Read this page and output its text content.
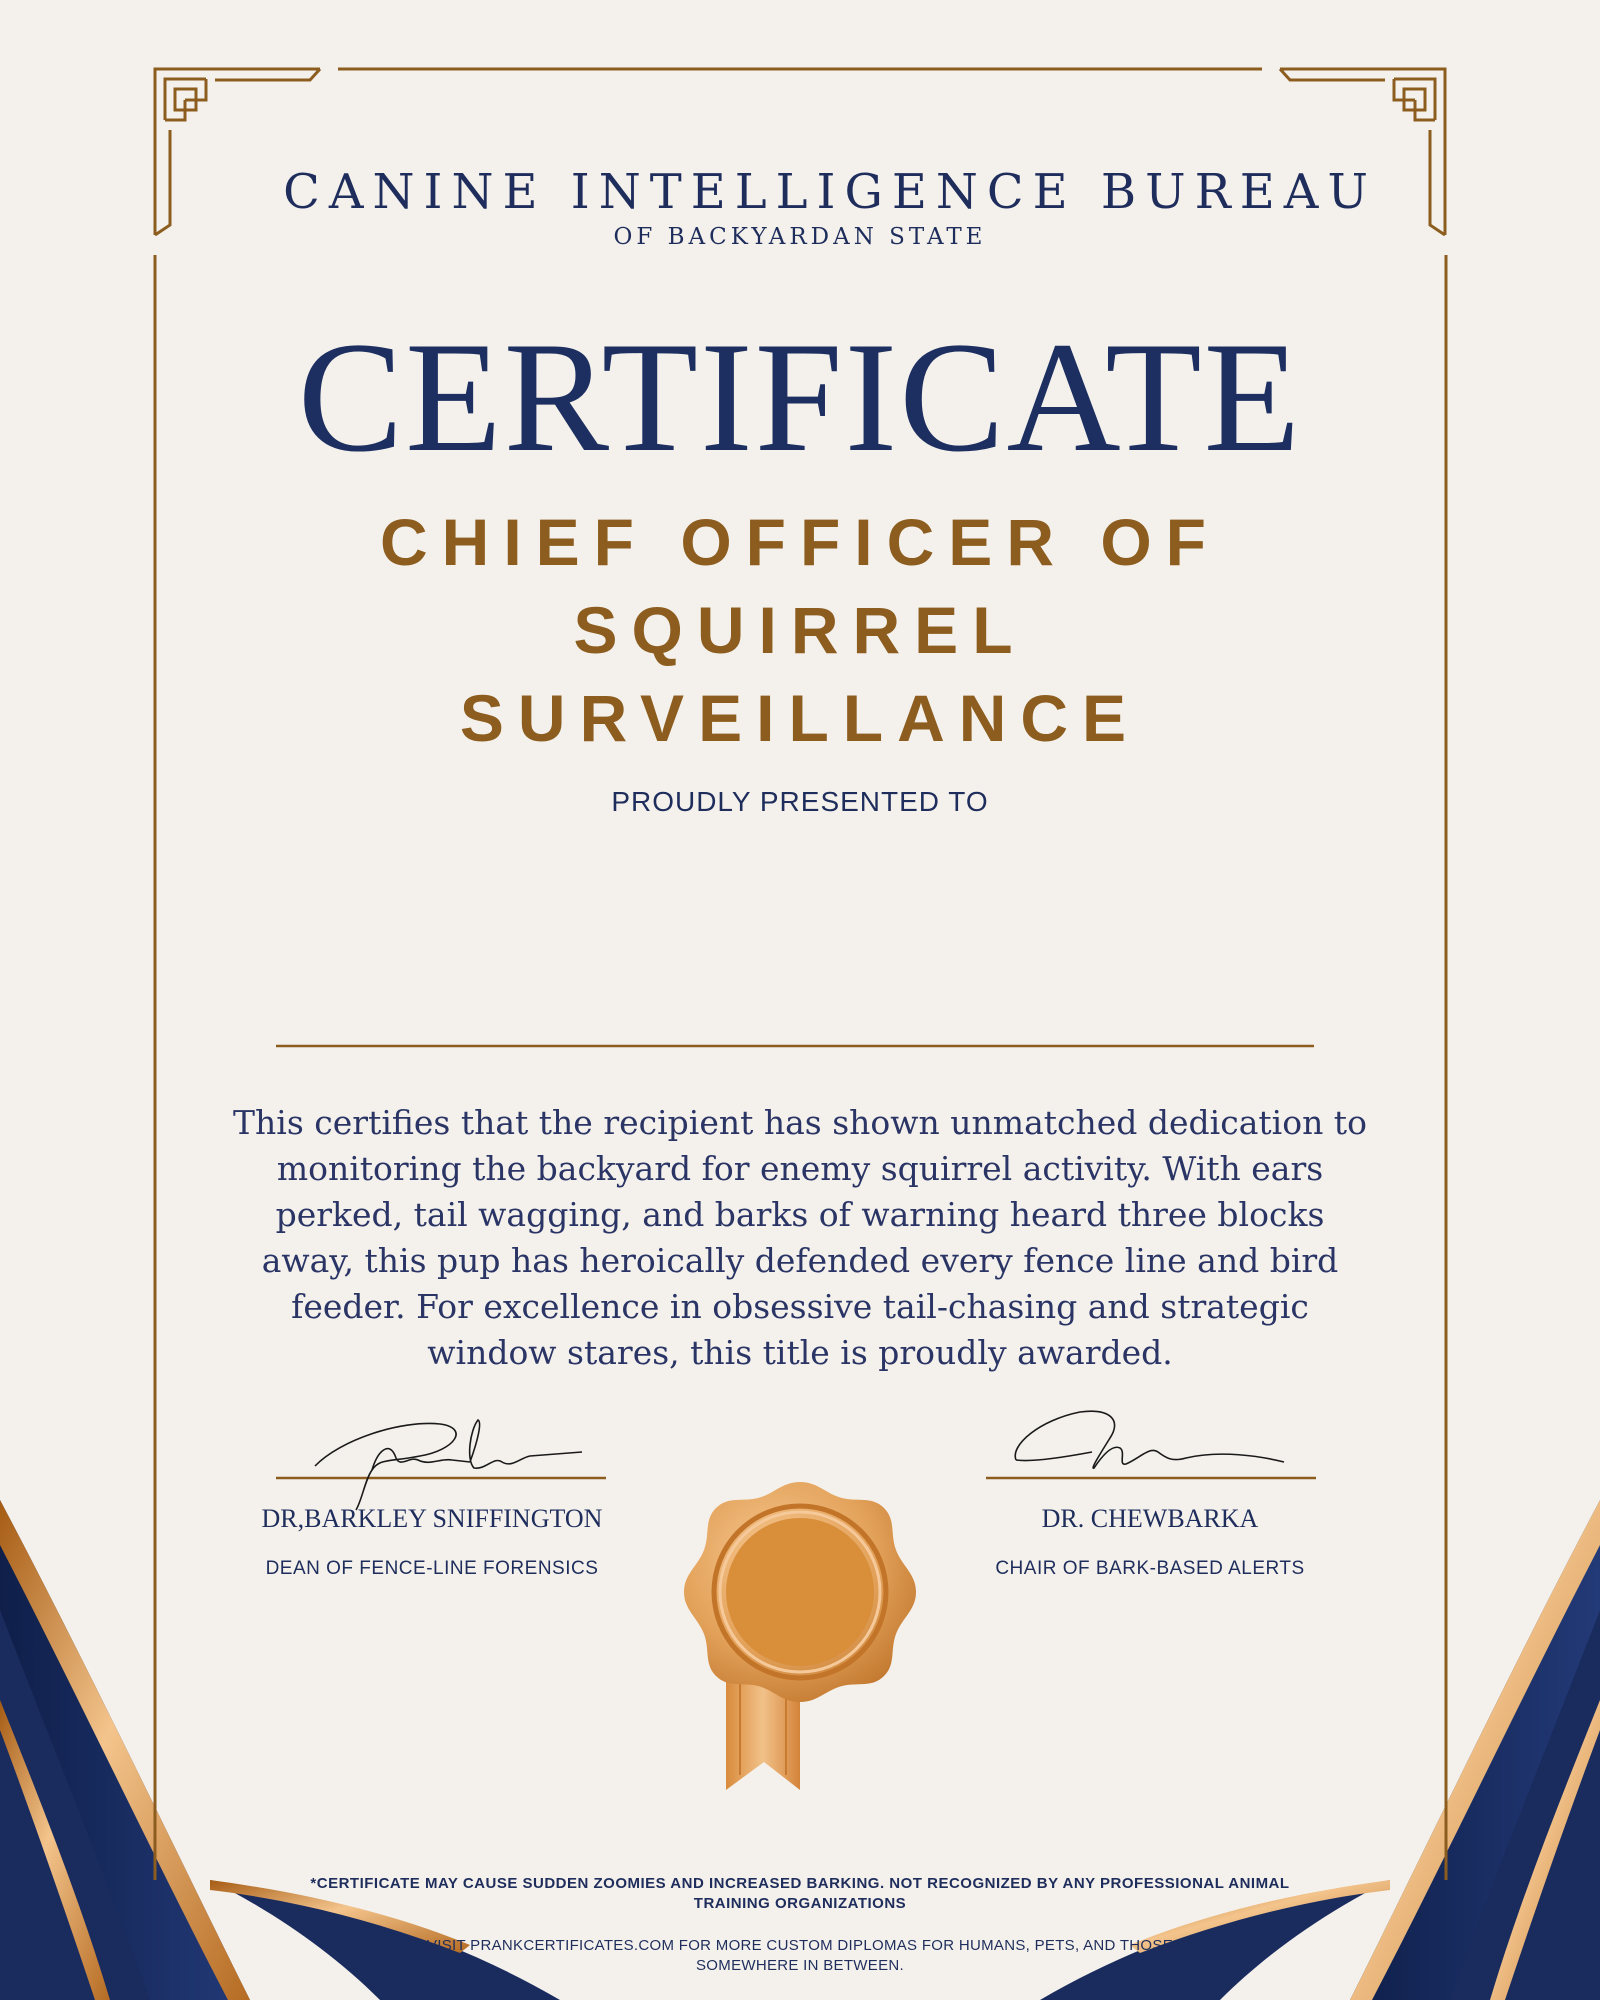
CANINE INTELLIGENCE BUREAU
OF BACKYARDAN STATE
CERTIFICATE
CHIEF OFFICER OF
SQUIRREL
SURVEILLANCE
PROUDLY PRESENTED TO
This certifies that the recipient has shown unmatched dedication to monitoring the backyard for enemy squirrel activity. With ears perked, tail wagging, and barks of warning heard three blocks away, this pup has heroically defended every fence line and bird feeder. For excellence in obsessive tail-chasing and strategic window stares, this title is proudly awarded.
DR,BARKLEY SNIFFINGTON
DEAN OF FENCE-LINE FORENSICS
DR. CHEWBARKA
CHAIR OF BARK-BASED ALERTS
*CERTIFICATE MAY CAUSE SUDDEN ZOOMIES AND INCREASED BARKING. NOT RECOGNIZED BY ANY PROFESSIONAL ANIMAL TRAINING ORGANIZATIONS
VISIT PRANKCERTIFICATES.COM FOR MORE CUSTOM DIPLOMAS FOR HUMANS, PETS, AND THOSE SOMEWHERE IN BETWEEN.
